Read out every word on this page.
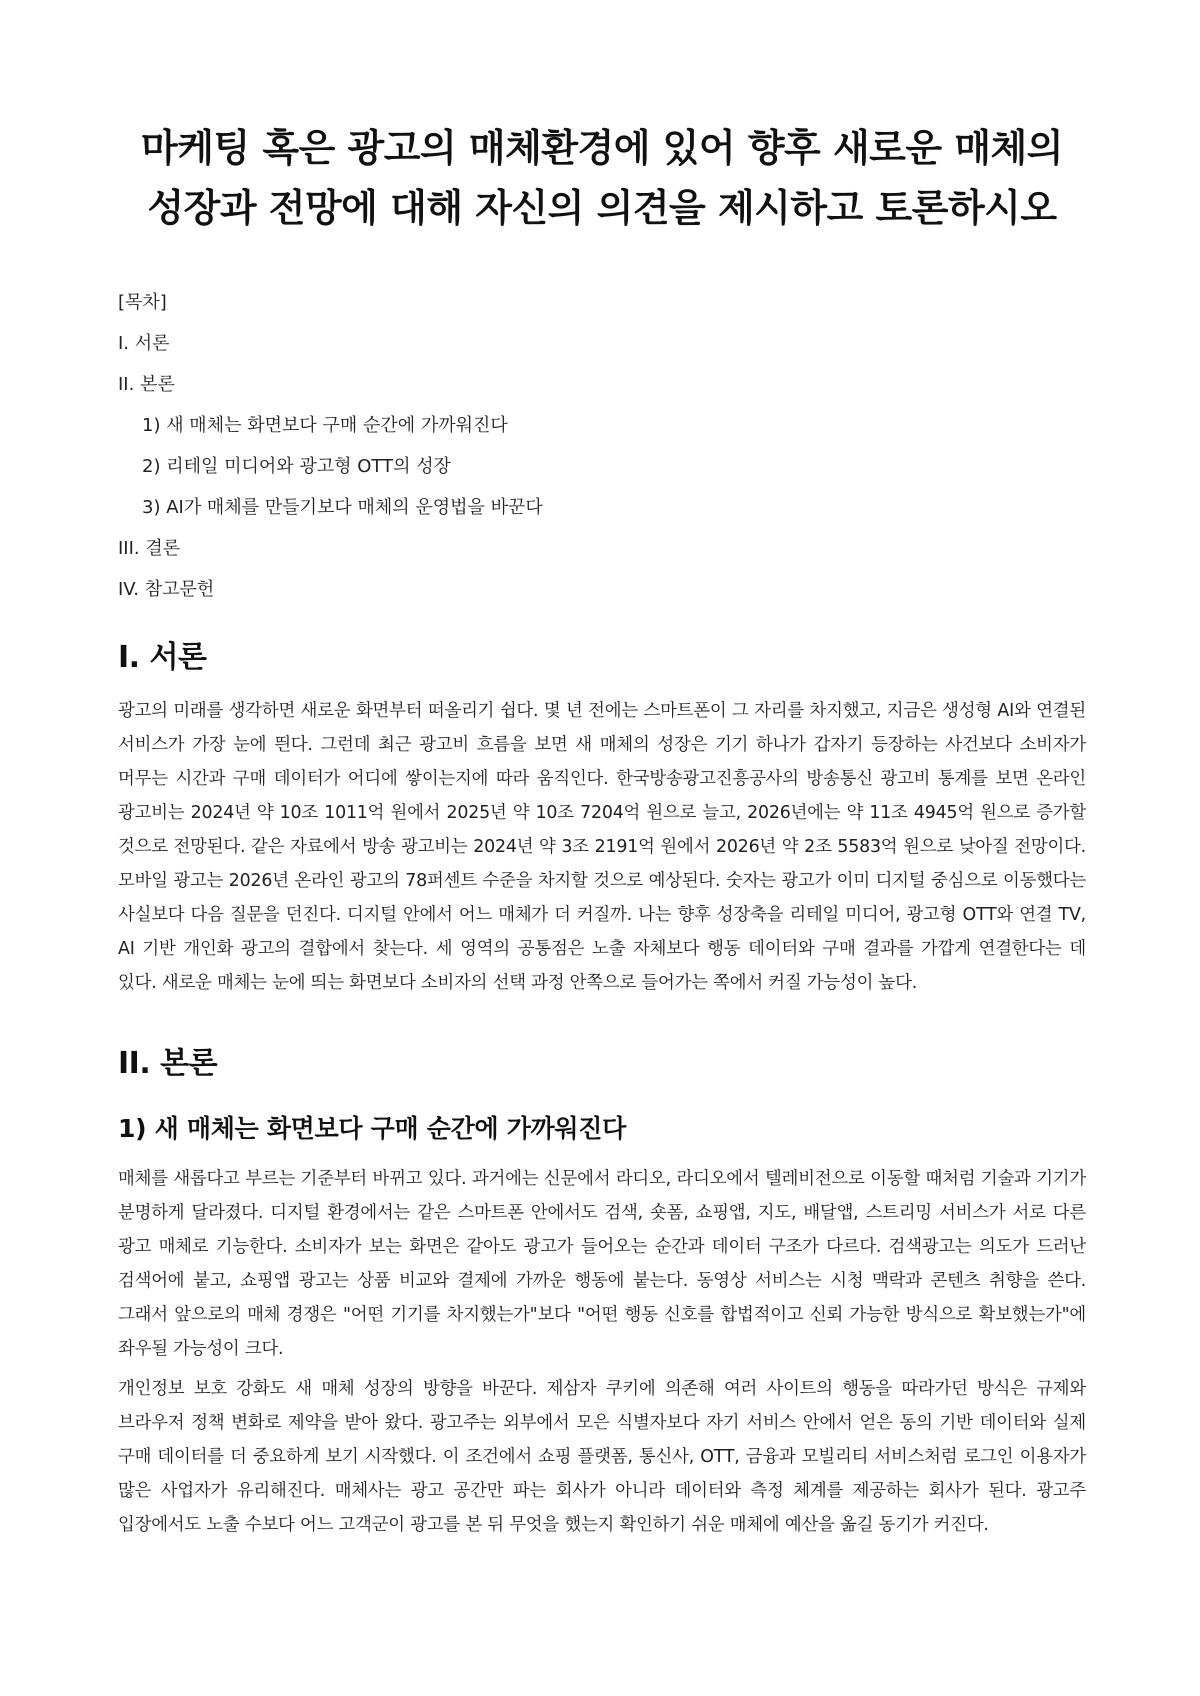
마케팅 혹은 광고의 매체환경에 있어 향후 새로운 매체의 성장과 전망에 대해 자신의 의견을 제시하고 토론하시오
[목차]
I. 서론
II. 본론
1) 새 매체는 화면보다 구매 순간에 가까워진다
2) 리테일 미디어와 광고형 OTT의 성장
3) AI가 매체를 만들기보다 매체의 운영법을 바꾼다
III. 결론
IV. 참고문헌
I. 서론

광고의 미래를 생각하면 새로운 화면부터 떠올리기 쉽다. 몇 년 전에는 스마트폰이 그 자리를 차지했고, 지금은 생성형 AI와 연결된 서비스가 가장 눈에 띈다. 그런데 최근 광고비 흐름을 보면 새 매체의 성장은 기기 하나가 갑자기 등장하는 사건보다 소비자가 머무는 시간과 구매 데이터가 어디에 쌓이는지에 따라 움직인다. 한국방송광고진흥공사의 방송통신 광고비 통계를 보면 온라인 광고비는 2024년 약 10조 1011억 원에서 2025년 약 10조 7204억 원으로 늘고, 2026년에는 약 11조 4945억 원으로 증가할 것으로 전망된다. 같은 자료에서 방송 광고비는 2024년 약 3조 2191억 원에서 2026년 약 2조 5583억 원으로 낮아질 전망이다. 모바일 광고는 2026년 온라인 광고의 78퍼센트 수준을 차지할 것으로 예상된다. 숫자는 광고가 이미 디지털 중심으로 이동했다는 사실보다 다음 질문을 던진다. 디지털 안에서 어느 매체가 더 커질까. 나는 향후 성장축을 리테일 미디어, 광고형 OTT와 연결 TV, AI 기반 개인화 광고의 결합에서 찾는다. 세 영역의 공통점은 노출 자체보다 행동 데이터와 구매 결과를 가깝게 연결한다는 데 있다. 새로운 매체는 눈에 띄는 화면보다 소비자의 선택 과정 안쪽으로 들어가는 쪽에서 커질 가능성이 높다.

II. 본론
1) 새 매체는 화면보다 구매 순간에 가까워진다

매체를 새롭다고 부르는 기준부터 바뀌고 있다. 과거에는 신문에서 라디오, 라디오에서 텔레비전으로 이동할 때처럼 기술과 기기가 분명하게 달라졌다. 디지털 환경에서는 같은 스마트폰 안에서도 검색, 숏폼, 쇼핑앱, 지도, 배달앱, 스트리밍 서비스가 서로 다른 광고 매체로 기능한다. 소비자가 보는 화면은 같아도 광고가 들어오는 순간과 데이터 구조가 다르다. 검색광고는 의도가 드러난 검색어에 붙고, 쇼핑앱 광고는 상품 비교와 결제에 가까운 행동에 붙는다. 동영상 서비스는 시청 맥락과 콘텐츠 취향을 쓴다. 그래서 앞으로의 매체 경쟁은 "어떤 기기를 차지했는가"보다 "어떤 행동 신호를 합법적이고 신뢰 가능한 방식으로 확보했는가"에 좌우될 가능성이 크다.

개인정보 보호 강화도 새 매체 성장의 방향을 바꾼다. 제삼자 쿠키에 의존해 여러 사이트의 행동을 따라가던 방식은 규제와 브라우저 정책 변화로 제약을 받아 왔다. 광고주는 외부에서 모은 식별자보다 자기 서비스 안에서 얻은 동의 기반 데이터와 실제 구매 데이터를 더 중요하게 보기 시작했다. 이 조건에서 쇼핑 플랫폼, 통신사, OTT, 금융과 모빌리티 서비스처럼 로그인 이용자가 많은 사업자가 유리해진다. 매체사는 광고 공간만 파는 회사가 아니라 데이터와 측정 체계를 제공하는 회사가 된다. 광고주 입장에서도 노출 수보다 어느 고객군이 광고를 본 뒤 무엇을 했는지 확인하기 쉬운 매체에 예산을 옮길 동기가 커진다.
